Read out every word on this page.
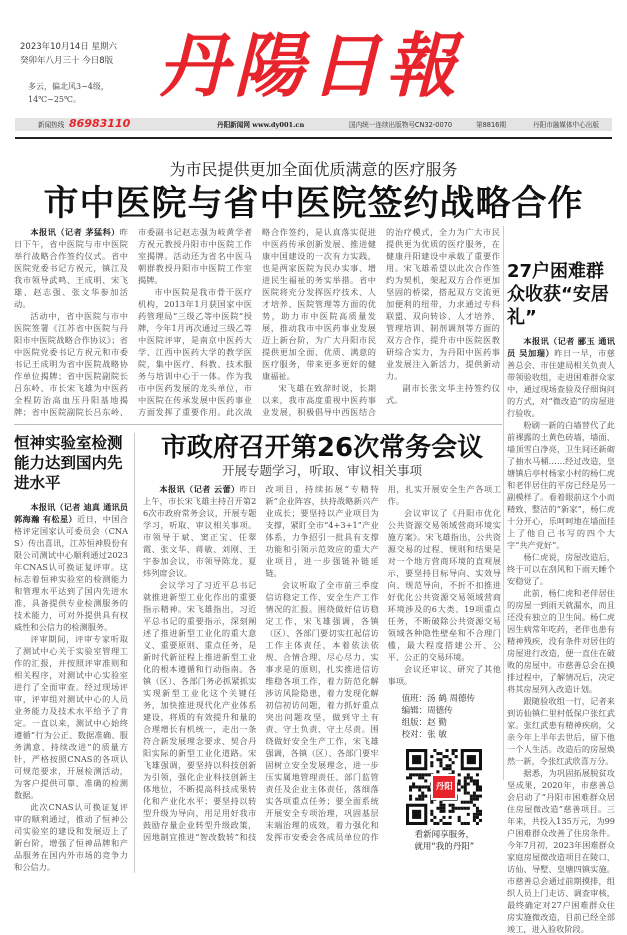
2023年10月14日 星期六
癸卯年八月三十 今日8版
多云，偏北风3~4级，14℃~25℃。	丹陽日報
新闻热线 86983110	丹阳新闻网 www.dy001.cn	国内统一连续出版物号CN32-0070	第8816期	丹阳市融媒体中心出版
为市民提供更加全面优质满意的医疗服务
市中医院与省中医院签约战略合作

本报讯（记者 茅猛科）昨日下午，省中医院与市中医院举行战略合作签约仪式。省中医院党委书记方祝元，镇江及我市领导武鸣、王成明、宋飞雄、赵志强、张文华参加活动。

活动中，省中医院与市中医院签署《江苏省中医院与丹阳市中医院战略合作协议》；省中医院党委书记方祝元和市委书记王成明为省中医院战略协作单位揭牌；省中医院副院长吕东岭、市长宋飞雄为中医药全程防治高血压丹阳基地揭牌；省中医院副院长吕东岭、市委副书记赵志强为岐黄学者方祝元教授丹阳市中医院工作室揭牌。活动还为省名中医马朝群教授丹阳市中医院工作室揭牌。

市中医院是我市骨干医疗机构，2013年1月获国家中医药管理局“三级乙等中医院”授牌，今年1月再次通过三级乙等中医院评审，是南京中医药大学、江西中医药大学的教学医院，集中医疗、科教、技术服务与培训中心于一体。作为我市中医药发展的龙头单位，市中医院在传承发展中医药事业方面发挥了重要作用。此次战略合作签约，是认真落实促进中医药传承创新发展、推进健康中国建设的一次有力实践，也是两家医院为民办实事、增进民生福祉的务实举措。省中医院将充分发挥医疗技术、人才培养、医院管理等方面的优势，助力市中医院高质量发展，推动我市中医药事业发展迈上新台阶，为广大丹阳市民提供更加全面、优质、满意的医疗服务，带来更多更好的健康福祉。

宋飞雄在致辞时说，长期以来，我市高度重视中医药事业发展，积极倡导中西医结合的治疗模式，全力为广大市民提供更为优质的医疗服务，在健康丹阳建设中承载了重要作用。宋飞雄希望以此次合作签约为契机，架起双方合作更加坚固的桥梁，搭起双方交流更加便利的纽带，力求通过专科联盟、双向转诊、人才培养、管理培训、制剂调剂等方面的双方合作，提升市中医院医教研综合实力，为丹阳中医药事业发展注入新活力，提供新动力。

副市长张文华主持签约仪式。

恒神实验室检测能力达到国内先进水平

本报讯（记者 迪真 通讯员 郭海瀚 有松星）近日，中国合格评定国家认可委员会（CNAS）传出喜讯，江苏恒神股份有限公司测试中心顺利通过2023年CNAS认可换证复评审。这标志着恒神实验室的检测能力和管理水平达到了国内先进水准，具备提供专业检测服务的技术能力，可对外提供具有权威性和公信力的检测服务。

评审期间，评审专家听取了测试中心关于实验室管理工作的汇报，并按照评审准则和相关程序，对测试中心实验室进行了全面审查。经过现场评审，评审组对测试中心的人员业务能力及技术水平给予了肯定。一直以来，测试中心始终遵循“行为公正、数据准确、服务满意、持续改进”的质量方针，严格按照CNAS的各项认可规范要求，开展检测活动，为客户提供可靠、准确的检测数据。

此次CNAS认可换证复评审的顺利通过，推动了恒神公司实验室的建设和发展迈上了新台阶，增强了恒神品牌和产品服务在国内外市场的竞争力和公信力。

市政府召开第26次常务会议
开展专题学习，听取、审议相关事项

本报讯（记者 云蕾）昨日上午，市长宋飞雄主持召开第26次市政府常务会议，开展专题学习，听取、审议相关事项。市领导于斌、窦正宝、任翠霞、张文华、蒋敏、刘刚、王宇参加会议，市领导陈龙、夏炜列席会议。

会议学习了习近平总书记就推进新型工业化作出的重要指示精神。宋飞雄指出，习近平总书记的重要指示，深刻阐述了推进新型工业化的重大意义、重要原则、重点任务，是新时代新征程上推进新型工业化的根本遵循和行动指南。各镇（区）、各部门务必抓紧抓实实现新型工业化这个关键任务，加快推进现代化产业体系建设，将质的有效提升和量的合理增长有机统一，走出一条符合新发展理念要求、契合丹阳实际的新型工业化道路。宋飞雄强调，要坚持以科技创新为引领，强化企业科技创新主体地位，不断提高科技成果转化和产业化水平；要坚持以转型升级为导向，用足用好我市鼓励存量企业转型升级政策，因地制宜推进“智改数转”和技改项目，持续拓展“专精特新”企业阵容，扶持战略新兴产业成长；要坚持以产业项目为支撑，紧盯全市“4+3+1”产业体系，力争招引一批具有支撑功能和引领示范效应的重大产业项目，进一步强链补链延链。

会议听取了全市前三季度信访稳定工作、安全生产工作情况的汇报。围绕做好信访稳定工作，宋飞雄强调，各镇（区）、各部门要切实扛起信访工作主体责任，本着依法依规、合情合理、尽心尽力、实事求是的原则，扎实推进信访维稳各项工作，着力防范化解涉访风险隐患，着力发现化解初信初访问题，着力抓好重点突出问题攻坚，做到守土有责、守土负责、守土尽责。围绕做好安全生产工作，宋飞雄强调，各镇（区）、各部门要牢固树立安全发展理念，进一步压实属地管理责任、部门监管责任及企业主体责任，落细落实各项重点任务；要全面系统开展安全专项治理，巩固基层末端治理的成效，着力强化和发挥市安委会各成员单位的作用，扎实开展安全生产各项工作。

会议审议了《丹阳市优化公共资源交易领域营商环境实施方案》。宋飞雄指出，公共资源交易的过程、规则和结果是对一个地方营商环境的直观展示，要坚持目标导向、实效导向、规范导向，不折不扣推进好优化公共资源交易领域营商环境涉及的6大类、19项重点任务，不断破除公共资源交易领域各种隐性壁垒和不合理门槛，最大程度搭建公开、公平、公正的交易环境。

会议还审议、研究了其他事项。

值班：汤 鹤 周德传
编辑：周德传
组版：赵 勤
校对：张 敏
丹阳
看新闻享服务，
就用“我的丹阳”
27户困难群众收获“安居礼”

本报讯（记者 郦玉 通讯员 吴加瑞）昨日一早，市慈善总会、市住建局相关负责人带领验收组，走进困难群众家中，通过现场查验及仔细询问的方式，对“微改造”的房屋进行验收。

粉刷一新的白墙替代了此前裸露的土黄色砖墙，墙面、墙顶雪白净亮，卫生间还新砌了抽水马桶……经过改造，皇塘镇后亭村杨家小村的杨仁虎和老伴居住的平房已经是另一副模样了。看着眼前这个小而精致、整洁的“新家”，杨仁虎十分开心，乐呵呵地在墙面挂上了他自己书写的四个大字“共产党好”。

杨仁虎说，房屋改造后，终于可以在刮风和下雨天睡个安稳觉了。

此前，杨仁虎和老伴居住的房屋一到雨天就漏水，而且还没有独立的卫生间。杨仁虎因生病常年吃药，老伴也患有精神残疾，没有条件对居住的房屋进行改造，便一直住在破败的房屋中。市慈善总会在摸排过程中，了解情况后，决定将其房屋列入改造计划。

跟随验收组一行，记者来到访仙镇仁里村低保户张红武家。张红武患有精神疾病，父亲今年上半年去世后，留下他一个人生活。改造后的房屋焕然一新，令张红武欣喜万分。

据悉，为巩固拓展脱贫攻坚成果，2020年，市慈善总会启动了“丹阳市困难群众居住房屋微改造”慈善项目。三年来，共投入135万元，为99户困难群众改善了住房条件。今年7月初，2023年困难群众家庭房屋微改造项目在陵口、访仙、导墅、皇塘四镇实施。市慈善总会通过前期摸排，组织人员上门走访、调查审核，最终确定对27户困难群众住房实施微改造，目前已经全部竣工，进入验收阶段。
